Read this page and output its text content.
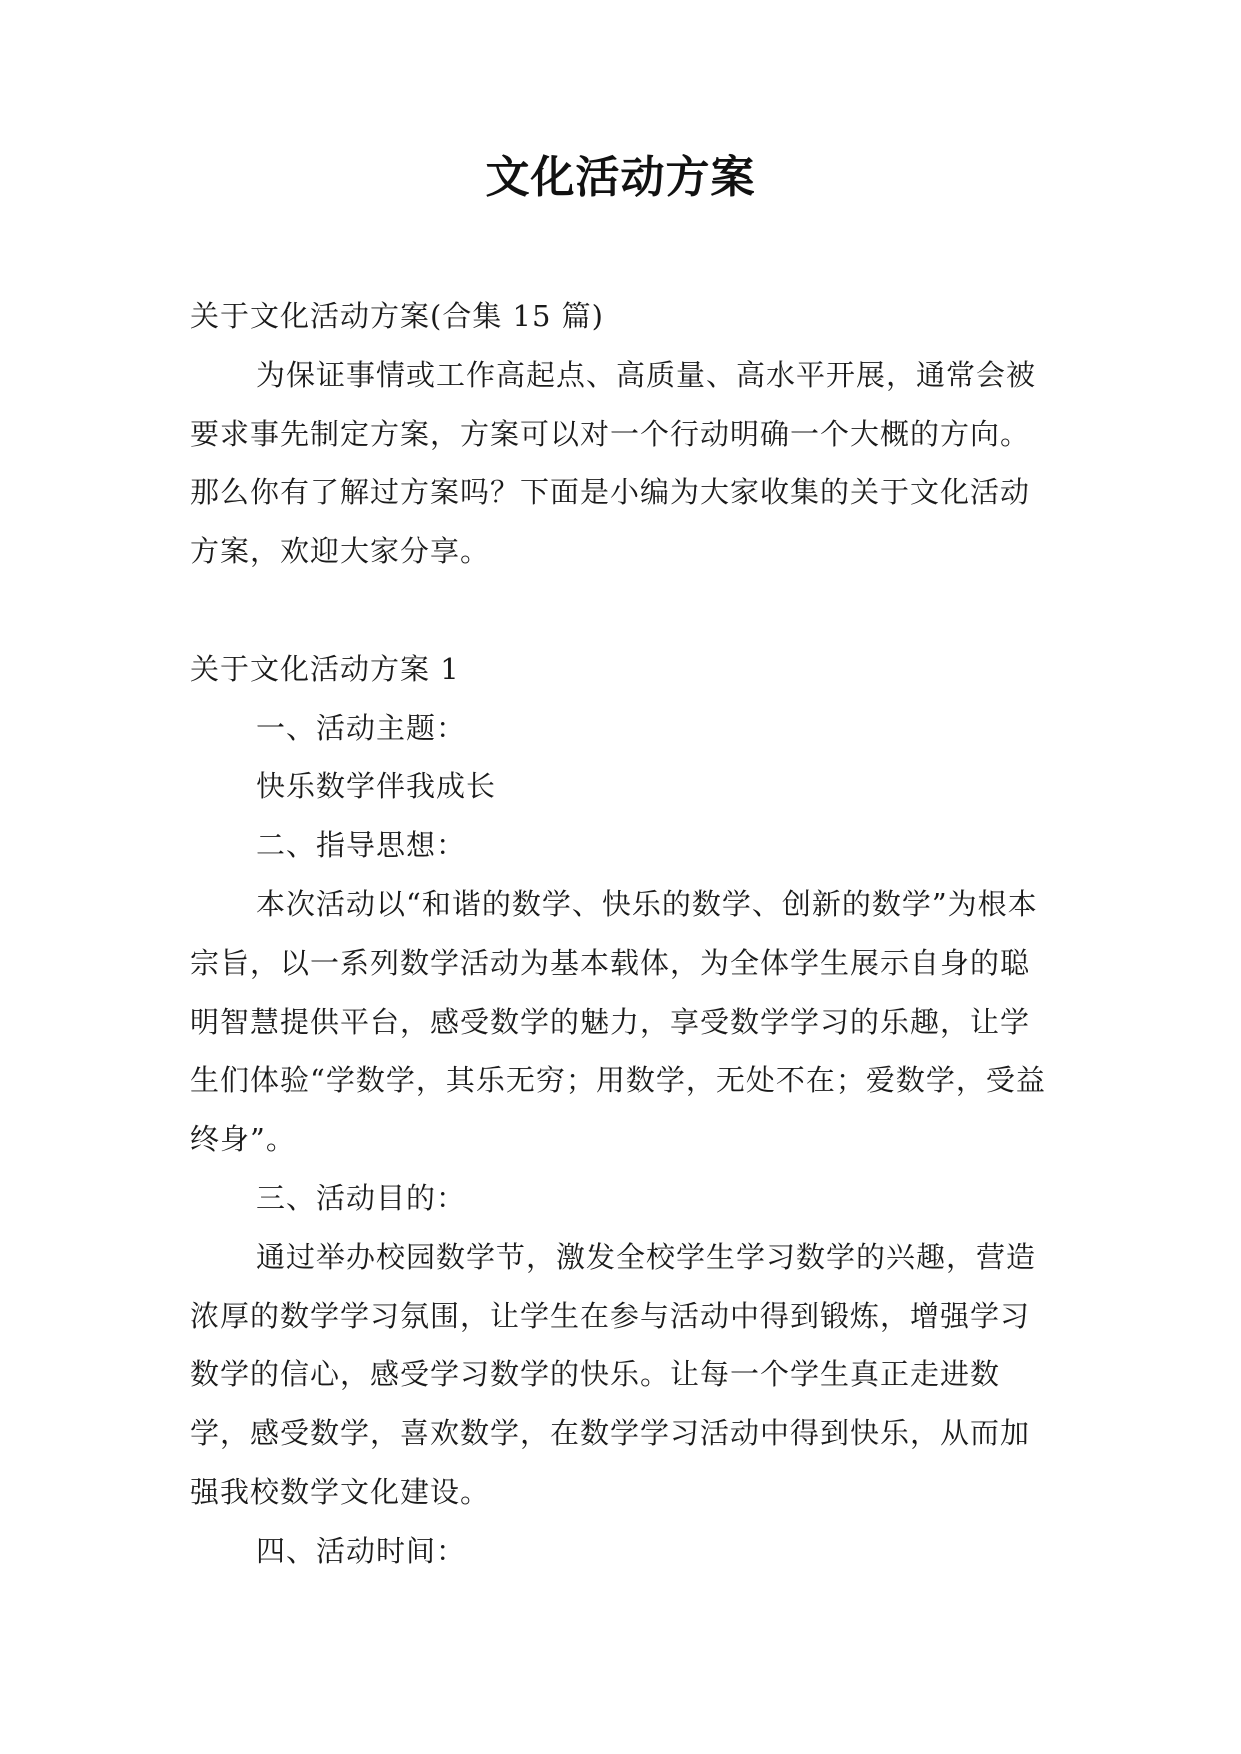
文化活动方案

关于文化活动方案(合集 15 篇)

为保证事情或工作高起点、高质量、高水平开展，通常会被要求事先制定方案，方案可以对一个行动明确一个大概的方向。那么你有了解过方案吗？下面是小编为大家收集的关于文化活动方案，欢迎大家分享。

关于文化活动方案 1

一、活动主题：

快乐数学伴我成长

二、指导思想：

本次活动以“和谐的数学、快乐的数学、创新的数学”为根本宗旨，以一系列数学活动为基本载体，为全体学生展示自身的聪明智慧提供平台，感受数学的魅力，享受数学学习的乐趣，让学生们体验“学数学，其乐无穷；用数学，无处不在；爱数学，受益终身”。

三、活动目的：

通过举办校园数学节，激发全校学生学习数学的兴趣，营造浓厚的数学学习氛围，让学生在参与活动中得到锻炼，增强学习数学的信心，感受学习数学的快乐。让每一个学生真正走进数学，感受数学，喜欢数学，在数学学习活动中得到快乐，从而加强我校数学文化建设。

四、活动时间：
